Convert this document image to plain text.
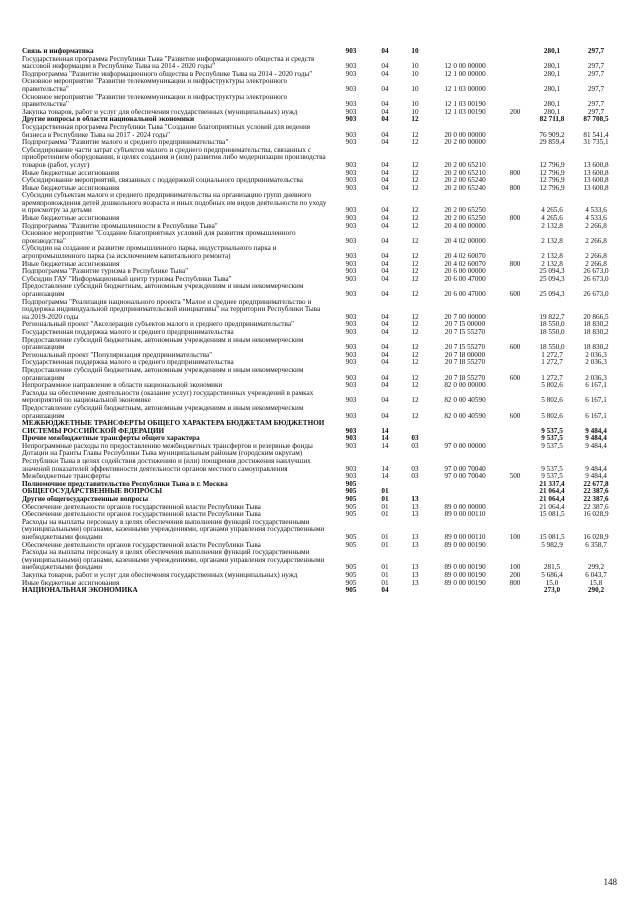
Связь и информатика	903	04	10			280,1	297,7
Государственная программа Республики Тыва "Развитие информационного общества и средств массовой информации в Республике Тыва на 2014 - 2020 годы"	903	04	10	12 0 00 00000		280,1	297,7
Подпрограмма "Развитие информационного общества в Республике Тыва на 2014 - 2020 годы"	903	04	10	12 1 00 00000		280,1	297,7
Основное мероприятие "Развитие телекоммуникации и инфраструктуры электронного правительства"	903	04	10	12 1 03 00000		280,1	297,7
Основное мероприятие "Развитие телекоммуникации и инфраструктуры электронного правительства"	903	04	10	12 1 03 00190		280,1	297,7
Закупка товаров, работ и услуг для обеспечения государственных (муниципальных) нужд	903	04	10	12 1 03 00190	200	280,1	297,7
Другие вопросы в области национальной экономики	903	04	12			82 711,8	87 708,5
Государственная программа Республики Тыва "Создание благоприятных условий для ведения бизнеса в Республике Тыва на 2017 - 2024 годы"	903	04	12	20 0 00 00000		76 909,2	81 541,4
Подпрограмма "Развитие малого и среднего предпринимательства"	903	04	12	20 2 00 00000		29 859,4	31 735,1
Субсидирование части затрат субъектов малого и среднего предпринимательства, связанных с приобретением оборудования, в целях создания и (или) развития либо модернизации производства товаров (работ, услуг)	903	04	12	20 2 00 65210		12 796,9	13 600,8
Иные бюджетные ассигнования	903	04	12	20 2 00 65210	800	12 796,9	13 600,8
Субсидирование мероприятий, связанных с поддержкой социального предпринимательства	903	04	12	20 2 00 65240		12 796,9	13 600,8
Иные бюджетные ассигнования	903	04	12	20 2 00 65240	800	12 796,9	13 600,8
Субсидии субъектам малого и среднего предпринимательства на организацию групп дневного времяпровождения детей дошкольного возраста и иных подобных им видов деятельности по уходу и присмотру за детьми	903	04	12	20 2 00 65250		4 265,6	4 533,6
Иные бюджетные ассигнования	903	04	12	20 2 00 65250	800	4 265,6	4 533,6
Подпрограмма "Развитие промышленности в Республике Тыва"	903	04	12	20 4 00 00000		2 132,8	2 266,8
Основное мероприятие "Создание благоприятных условий для развития промышленного производства"	903	04	12	20 4 02 00000		2 132,8	2 266,8
Субсидии на создание и развитие промышленного парка, индустриального парка и агропромышленного парка (за исключением капитального ремонта)	903	04	12	20 4 02 60070		2 132,8	2 266,8
Иные бюджетные ассигнования	903	04	12	20 4 02 60070	800	2 132,8	2 266,8
Подпрограмма "Развитие туризма в Республике Тыва"	903	04	12	20 6 00 00000		25 094,3	26 673,0
Субсидии ГАУ "Информационный центр туризма Республики Тыва"	903	04	12	20 6 00 47000		25 094,3	26 673,0
Предоставление субсидий бюджетным, автономным учреждениям и иным некоммерческим организациям	903	04	12	20 6 00 47000	600	25 094,3	26 673,0
Подпрограмма "Реализация национального проекта "Малое и среднее предпринимательство и поддержка индивидуальной предпринимательской инициативы" на территории Республики Тыва на 2019-2020 годы	903	04	12	20 7 00 00000		19 822,7	20 866,5
Региональный проект "Акселерация субъектов малого и среднего предпринимательства"	903	04	12	20 7 I5 00000		18 550,0	18 830,2
Государственная поддержка малого и среднего предпринимательства	903	04	12	20 7 I5 55270		18 550,0	18 830,2
Предоставление субсидий бюджетным, автономным учреждениям и иным некоммерческим организациям	903	04	12	20 7 I5 55270	600	18 550,0	18 830,2
Региональный проект "Популяризация предпринимательства"	903	04	12	20 7 I8 00000		1 272,7	2 036,3
Государственная поддержка малого и среднего предпринимательства	903	04	12	20 7 I8 55270		1 272,7	2 036,3
Предоставление субсидий бюджетным, автономным учреждениям и иным некоммерческим организациям	903	04	12	20 7 I8 55270	600	1 272,7	2 036,3
Непрограммное направление в области национальной экономики	903	04	12	82 0 00 00000		5 802,6	6 167,1
Расходы на обеспечение деятельности (оказание услуг) государственных учреждений в рамках мероприятий по национальной экономике	903	04	12	82 0 00 40590		5 802,6	6 167,1
Предоставление субсидий бюджетным, автономным учреждениям и иным некоммерческим организациям	903	04	12	82 0 00 40590	600	5 802,6	6 167,1
МЕЖБЮДЖЕТНЫЕ ТРАНСФЕРТЫ ОБЩЕГО ХАРАКТЕРА БЮДЖЕТАМ БЮДЖЕТНОЙ СИСТЕМЫ РОССИЙСКОЙ ФЕДЕРАЦИИ	903	14				9 537,5	9 484,4
Прочие межбюджетные трансферты общего характера	903	14	03			9 537,5	9 484,4
Непрограммные расходы по предоставлению межбюджетных трансфертов и резервные фонды	903	14	03	97 0 00 00000		9 537,5	9 484,4
Дотации на Гранты Главы Республики Тыва муниципальным районам (городским округам) Республики Тыва в целях содействия достижению и (или) поощрения достижения наилучших значений показателей эффективности деятельности органов местного самоуправления	903	14	03	97 0 00 70040		9 537,5	9 484,4
Межбюджетные трансферты	903	14	03	97 0 00 70040	500	9 537,5	9 484,4
Полномочное представительство Республики Тыва в г. Москва	905					21 337,4	22 677,8
ОБЩЕГОСУДАРСТВЕННЫЕ ВОПРОСЫ	905	01				21 064,4	22 387,6
Другие общегосударственные вопросы	905	01	13			21 064,4	22 387,6
Обеспечение деятельности органов государственной власти Республики Тыва	905	01	13	89 0 00 00000		21 064,4	22 387,6
Обеспечение деятельности органов государственной власти Республики Тыва	905	01	13	89 0 00 00110		15 081,5	16 028,9
Расходы на выплаты персоналу в целях обеспечения выполнения функций государственными (муниципальными) органами, казенными учреждениями, органами управления государственными внебюджетными фондами	905	01	13	89 0 00 00110	100	15 081,5	16 028,9
Обеспечение деятельности органов государственной власти Республики Тыва	905	01	13	89 0 00 00190		5 982,9	6 358,7
Расходы на выплаты персоналу в целях обеспечения выполнения функций государственными (муниципальными) органами, казенными учреждениями, органами управления государственными внебюджетными фондами	905	01	13	89 0 00 00190	100	281,5	299,2
Закупка товаров, работ и услуг для обеспечения государственных (муниципальных) нужд	905	01	13	89 0 00 00190	200	5 686,4	6 043,7
Иные бюджетные ассигнования	905	01	13	89 0 00 00190	800	15,0	15,8
НАЦИОНАЛЬНАЯ ЭКОНОМИКА	905	04				273,0	290,2
148
